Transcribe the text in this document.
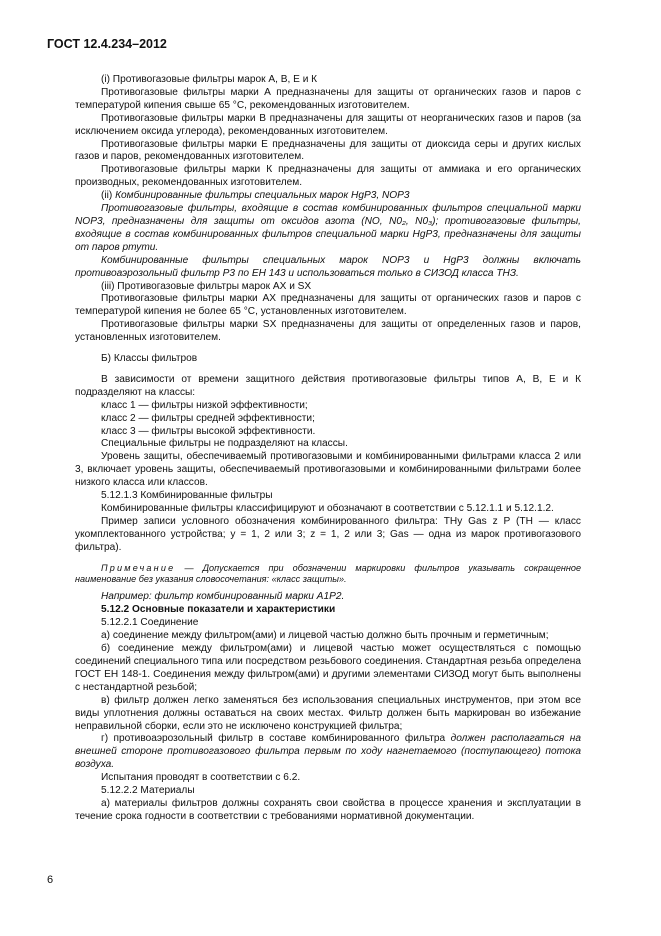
ГОСТ 12.4.234–2012

(i) Противогазовые фильтры марок А, В, Е и К

Противогазовые фильтры марки А предназначены для защиты от органических газов и паров с температурой кипения свыше 65 °С, рекомендованных изготовителем.

Противогазовые фильтры марки В предназначены для защиты от неорганических газов и паров (за исключением оксида углерода), рекомендованных изготовителем.

Противогазовые фильтры марки Е предназначены для защиты от диоксида серы и других кислых газов и паров, рекомендованных изготовителем.

Противогазовые фильтры марки К предназначены для защиты от аммиака и его органических производных, рекомендованных изготовителем.

(ii) Комбинированные фильтры специальных марок HgP3, NOP3

Противогазовые фильтры, входящие в состав комбинированных фильтров специальной марки NOP3, предназначены для защиты от оксидов азота (NO, N0₂, N0₃); противогазовые фильтры, входящие в состав комбинированных фильтров специальной марки HgP3, предназначены для защиты от паров ртути.

Комбинированные фильтры специальных марок NOP3 и HgP3 должны включать противоаэрозольный фильтр Р3 по ЕН 143 и использоваться только в СИЗОД класса ТНЗ.

(iii) Противогазовые фильтры марок АХ и SX

Противогазовые фильтры марки АХ предназначены для защиты от органических газов и паров с температурой кипения не более 65 °С, установленных изготовителем.

Противогазовые фильтры марки SX предназначены для защиты от определенных газов и паров, установленных изготовителем.

Б) Классы фильтров

В зависимости от времени защитного действия противогазовые фильтры типов А, В, Е и К подразделяют на классы:

класс 1 — фильтры низкой эффективности;

класс 2 — фильтры средней эффективности;

класс 3 — фильтры высокой эффективности.

Специальные фильтры не подразделяют на классы.

Уровень защиты, обеспечиваемый противогазовыми и комбинированными фильтрами класса 2 или 3, включает уровень защиты, обеспечиваемый противогазовыми и комбинированными фильтрами более низкого класса или классов.

5.12.1.3 Комбинированные фильтры

Комбинированные фильтры классифицируют и обозначают в соответствии с 5.12.1.1 и 5.12.1.2.

Пример записи условного обозначения комбинированного фильтра: THy Gas z P (ТН — класс укомплектованного устройства; у = 1, 2 или 3; z = 1, 2 или 3; Gas — одна из марок противогазового фильтра).

Примечание — Допускается при обозначении маркировки фильтров указывать сокращенное наименование без указания словосочетания: «класс защиты».

Например: фильтр комбинированный марки А1Р2.

5.12.2 Основные показатели и характеристики

5.12.2.1 Соединение

а) соединение между фильтром(ами) и лицевой частью должно быть прочным и герметичным;

б) соединение между фильтром(ами) и лицевой частью может осуществляться с помощью соединений специального типа или посредством резьбового соединения. Стандартная резьба определена ГОСТ ЕН 148-1. Соединения между фильтром(ами) и другими элементами СИЗОД могут быть выполнены с нестандартной резьбой;

в) фильтр должен легко заменяться без использования специальных инструментов, при этом все виды уплотнения должны оставаться на своих местах. Фильтр должен быть маркирован во избежание неправильной сборки, если это не исключено конструкцией фильтра;

г) противоаэрозольный фильтр в составе комбинированного фильтра должен располагаться на внешней стороне противогазового фильтра первым по ходу нагнетаемого (поступающего) потока воздуха.

Испытания проводят в соответствии с 6.2.

5.12.2.2 Материалы

а) материалы фильтров должны сохранять свои свойства в процессе хранения и эксплуатации в течение срока годности в соответствии с требованиями нормативной документации.

6
